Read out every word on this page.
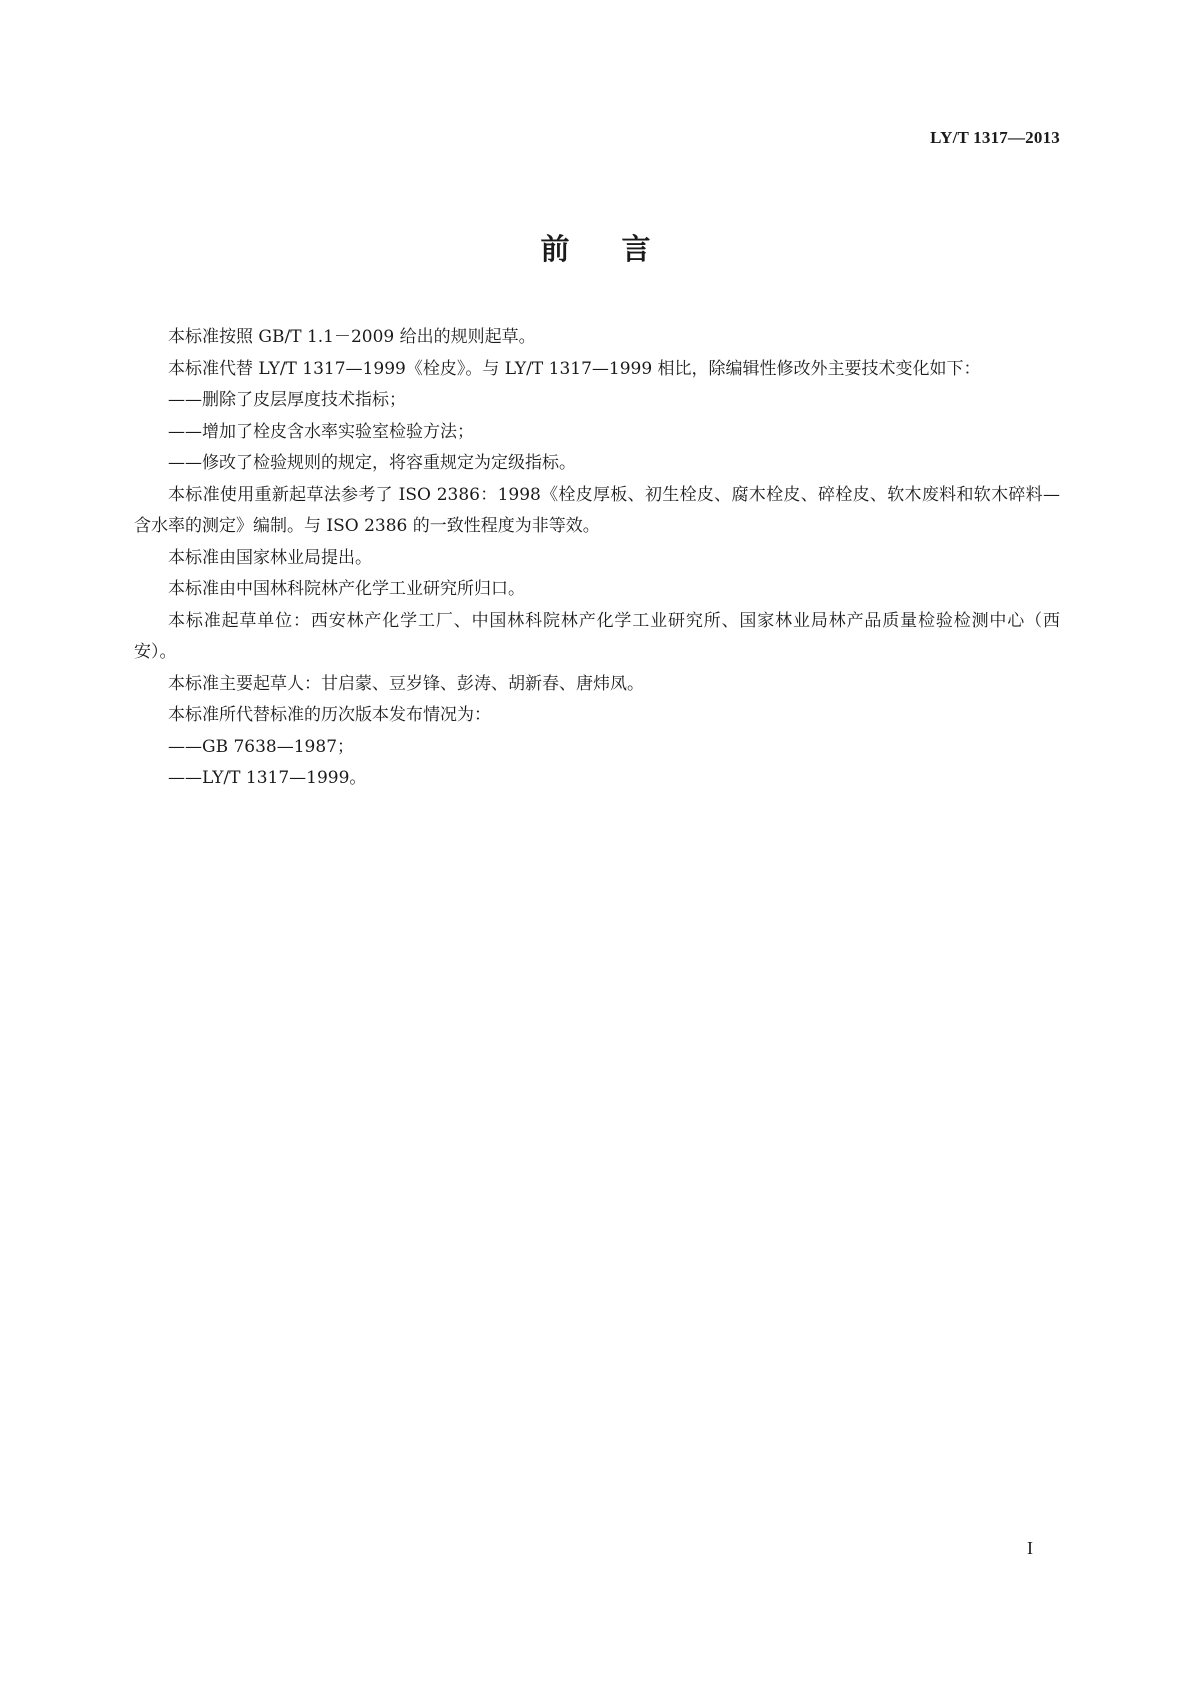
LY/T 1317—2013
前言

本标准按照 GB/T 1.1－2009 给出的规则起草。

本标准代替 LY/T 1317—1999《栓皮》。与 LY/T 1317—1999 相比，除编辑性修改外主要技术变化如下：

——删除了皮层厚度技术指标；

——增加了栓皮含水率实验室检验方法；

——修改了检验规则的规定，将容重规定为定级指标。

本标准使用重新起草法参考了 ISO 2386：1998《栓皮厚板、初生栓皮、腐木栓皮、碎栓皮、软木废料和软木碎料—含水率的测定》编制。与 ISO 2386 的一致性程度为非等效。

本标准由国家林业局提出。

本标准由中国林科院林产化学工业研究所归口。

本标准起草单位：西安林产化学工厂、中国林科院林产化学工业研究所、国家林业局林产品质量检验检测中心（西安）。

本标准主要起草人：甘启蒙、豆岁锋、彭涛、胡新春、唐炜凤。

本标准所代替标准的历次版本发布情况为：

——GB 7638—1987；

——LY/T 1317—1999。

I
